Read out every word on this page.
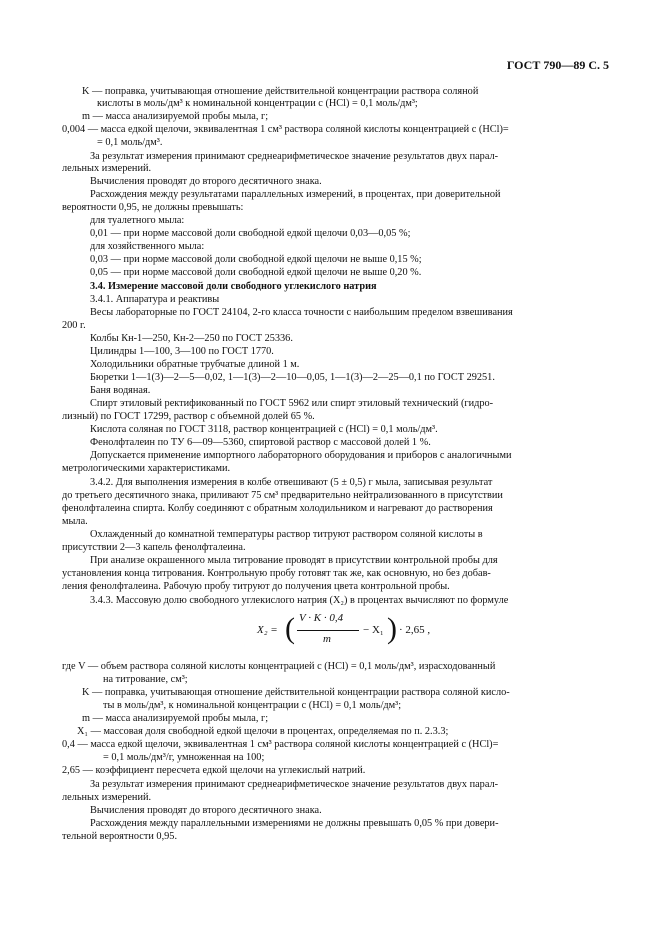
ГОСТ 790—89 С. 5
K — поправка, учитывающая отношение действительной концентрации раствора соляной
кислоты в моль/дм³ к номинальной концентрации с (HCl) = 0,1 моль/дм³;
m — масса анализируемой пробы мыла, г;
0,004 — масса едкой щелочи, эквивалентная 1 см³ раствора соляной кислоты концентрацией с (HCl)=
= 0,1 моль/дм³.
За результат измерения принимают среднеарифметическое значение результатов двух парал-
лельных измерений.
Вычисления проводят до второго десятичного знака.
Расхождения между результатами параллельных измерений, в процентах, при доверительной
вероятности 0,95, не должны превышать:
для туалетного мыла:
0,01 — при норме массовой доли свободной едкой щелочи 0,03—0,05 %;
для хозяйственного мыла:
0,03 — при норме массовой доли свободной едкой щелочи не выше 0,15 %;
0,05 — при норме массовой доли свободной едкой щелочи не выше 0,20 %.
3.4. Измерение массовой доли свободного углекислого натрия
3.4.1. Аппаратура и реактивы
Весы лабораторные по ГОСТ 24104, 2-го класса точности с наибольшим пределом взвешивания
200 г.
Колбы Кн-1—250, Кн-2—250 по ГОСТ 25336.
Цилиндры 1—100, 3—100 по ГОСТ 1770.
Холодильники обратные трубчатые длиной 1 м.
Бюретки 1—1(3)—2—5—0,02, 1—1(3)—2—10—0,05, 1—1(3)—2—25—0,1 по ГОСТ 29251.
Баня водяная.
Спирт этиловый ректификованный по ГОСТ 5962 или спирт этиловый технический (гидро-
лизный) по ГОСТ 17299, раствор с объемной долей 65 %.
Кислота соляная по ГОСТ 3118, раствор концентрацией с (HCl) = 0,1 моль/дм³.
Фенолфталеин по ТУ 6—09—5360, спиртовой раствор с массовой долей 1 %.
Допускается применение импортного лабораторного оборудования и приборов с аналогичными
метрологическими характеристиками.
3.4.2. Для выполнения измерения в колбе отвешивают (5 ± 0,5) г мыла, записывая результат
до третьего десятичного знака, приливают 75 см³ предварительно нейтрализованного в присутствии
фенолфталеина спирта. Колбу соединяют с обратным холодильником и нагревают до растворения
мыла.
Охлажденный до комнатной температуры раствор титруют раствором соляной кислоты в
присутствии 2—3 капель фенолфталеина.
При анализе окрашенного мыла титрование проводят в присутствии контрольной пробы для
установления конца титрования. Контрольную пробу готовят так же, как основную, но без добав-
ления фенолфталеина. Рабочую пробу титруют до получения цвета контрольной пробы.
3.4.3. Массовую долю свободного углекислого натрия (X₂) в процентах вычисляют по формуле
X₂ = ( V · K · 0,4
m
− X₁ ) · 2,65 ,
где V — объем раствора соляной кислоты концентрацией с (HCl) = 0,1 моль/дм³, израсходованный
на титрование, см³;
K — поправка, учитывающая отношение действительной концентрации раствора соляной кисло-
ты в моль/дм³, к номинальной концентрации с (HCl) = 0,1 моль/дм³;
m — масса анализируемой пробы мыла, г;
X₁ — массовая доля свободной едкой щелочи в процентах, определяемая по п. 2.3.3;
0,4 — масса едкой щелочи, эквивалентная 1 см³ раствора соляной кислоты концентрацией с (HCl)=
= 0,1 моль/дм³/г, умноженная на 100;
2,65 — коэффициент пересчета едкой щелочи на углекислый натрий.
За результат измерения принимают среднеарифметическое значение результатов двух парал-
лельных измерений.
Вычисления проводят до второго десятичного знака.
Расхождения между параллельными измерениями не должны превышать 0,05 % при довери-
тельной вероятности 0,95.
